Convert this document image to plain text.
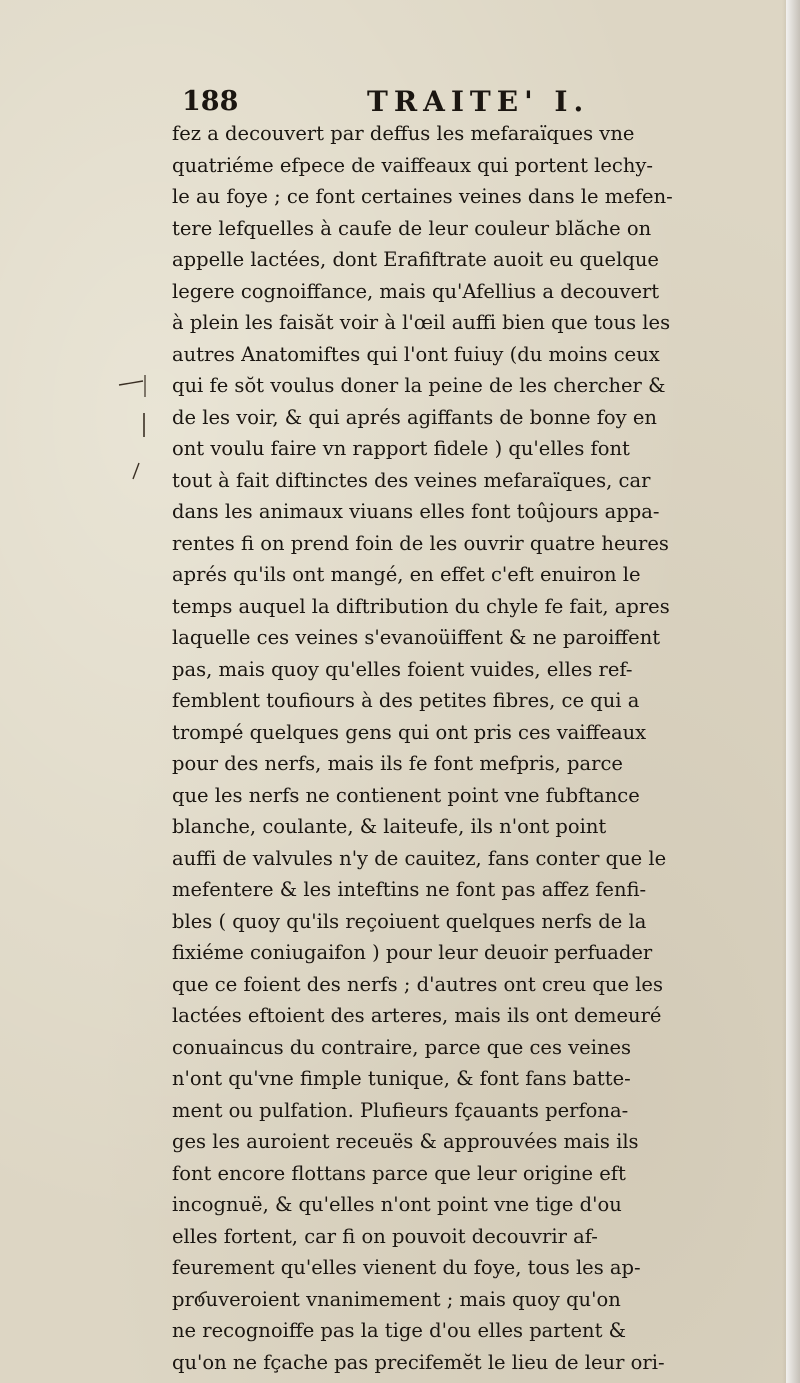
188	TRAITE' I.
fez a decouvert par deffus les mefaraïques vne
quatriéme efpece de vaiffeaux qui portent lechy-
le au foye ; ce font certaines veines dans le mefen-
tere lefquelles à caufe de leur couleur blăche on
appelle lactées, dont Erafiftrate auoit eu quelque
legere cognoiffance, mais qu'Afellius a decouvert
à plein les faisăt voir à l'œil auffi bien que tous les
autres Anatomiftes qui l'ont fuiuy (du moins ceux
qui fe sŏt voulus doner la peine de les chercher &
de les voir, & qui aprés agiffants de bonne foy en
ont voulu faire vn rapport fidele ) qu'elles font
tout à fait diftinctes des veines mefaraïques, car
dans les animaux viuans elles font toûjours appa-
rentes fi on prend foin de les ouvrir quatre heures
aprés qu'ils ont mangé, en effet c'eft enuiron le
temps auquel la diftribution du chyle fe fait, apres
laquelle ces veines s'evanoüiffent & ne paroiffent
pas, mais quoy qu'elles foient vuides, elles ref-
femblent toufiours à des petites fibres, ce qui a
trompé quelques gens qui ont pris ces vaiffeaux
pour des nerfs, mais ils fe font mefpris, parce
que les nerfs ne contienent point vne fubftance
blanche, coulante, & laiteufe, ils n'ont point
auffi de valvules n'y de cauitez, fans conter que le
mefentere & les inteftins ne font pas affez fenfi-
bles ( quoy qu'ils reçoiuent quelques nerfs de la
fixiéme coniugaifon ) pour leur deuoir perfuader
que ce foient des nerfs ; d'autres ont creu que les
lactées eftoient des arteres, mais ils ont demeuré
conuaincus du contraire, parce que ces veines
n'ont qu'vne fimple tunique, & font fans batte-
ment ou pulfation. Plufieurs fçauants perfona-
ges les auroient receuës & approuvées mais ils
font encore flottans parce que leur origine eft
incognuë, & qu'elles n'ont point vne tige d'ou
elles fortent, car fi on pouvoit decouvrir af-
feurement qu'elles vienent du foye, tous les ap-
prouveroient vnanimement ; mais quoy qu'on
ne recognoiffe pas la tige d'ou elles partent &
qu'on ne fçache pas precifemĕt le lieu de leur ori-
